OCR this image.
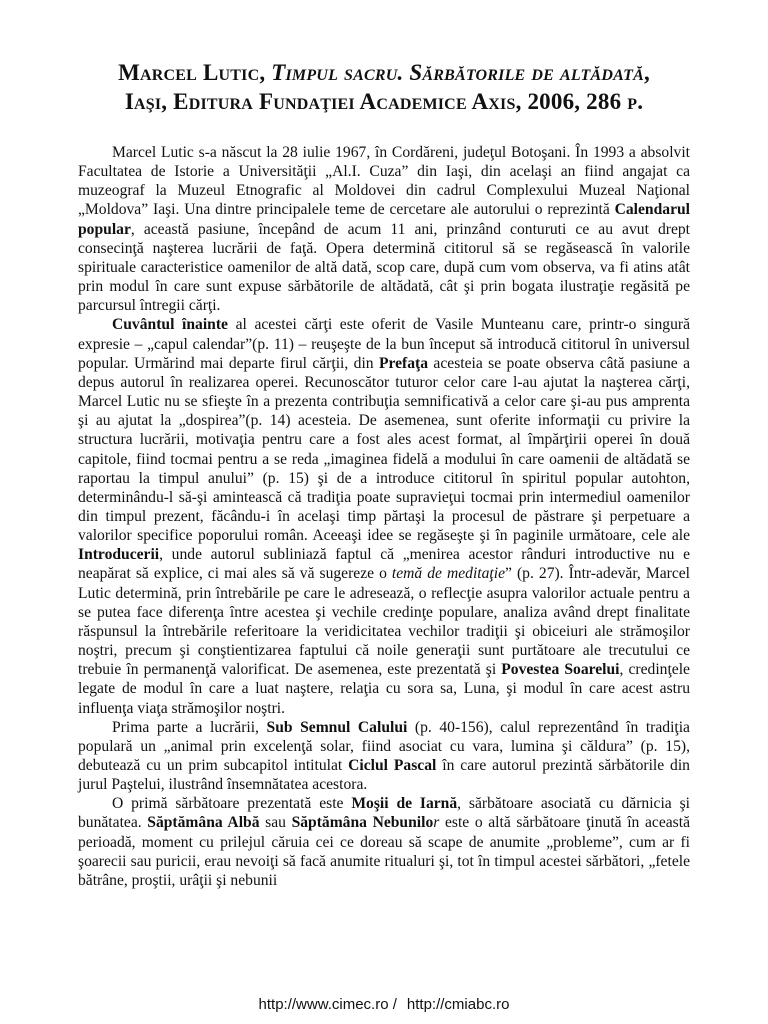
Marcel Lutic, Timpul sacru. Sărbătorile de altădată,
Iaşi, Editura Fundaţiei Academice Axis, 2006, 286 p.

Marcel Lutic s-a născut la 28 iulie 1967, în Cordăreni, judeţul Botoşani. În 1993 a absolvit Facultatea de Istorie a Universităţii „Al.I. Cuza” din Iaşi, din acelaşi an fiind angajat ca muzeograf la Muzeul Etnografic al Moldovei din cadrul Complexului Muzeal Naţional „Moldova” Iaşi. Una dintre principalele teme de cercetare ale autorului o reprezintă Calendarul popular, această pasiune, începând de acum 11 ani, prinzând conturuti ce au avut drept consecinţă naşterea lucrării de faţă. Opera determină cititorul să se regăsească în valorile spirituale caracteristice oamenilor de altă dată, scop care, după cum vom observa, va fi atins atât prin modul în care sunt expuse sărbătorile de altădată, cât şi prin bogata ilustraţie regăsită pe parcursul întregii cărţi.

Cuvântul înainte al acestei cărţi este oferit de Vasile Munteanu care, printr-o singură expresie – „capul calendar”(p. 11) – reuşeşte de la bun început să introducă cititorul în universul popular. Urmărind mai departe firul cărţii, din Prefaţa acesteia se poate observa câtă pasiune a depus autorul în realizarea operei. Recunoscător tuturor celor care l-au ajutat la naşterea cărţi, Marcel Lutic nu se sfieşte în a prezenta contribuţia semnificativă a celor care şi-au pus amprenta şi au ajutat la „dospirea”(p. 14) acesteia. De asemenea, sunt oferite informaţii cu privire la structura lucrării, motivaţia pentru care a fost ales acest format, al împărţirii operei în două capitole, fiind tocmai pentru a se reda „imaginea fidelă a modului în care oamenii de altădată se raportau la timpul anului” (p. 15) şi de a introduce cititorul în spiritul popular autohton, determinându-l să-şi amintească că tradiţia poate supravieţui tocmai prin intermediul oamenilor din timpul prezent, făcându-i în acelaşi timp părtaşi la procesul de păstrare şi perpetuare a valorilor specifice poporului român. Aceeaşi idee se regăseşte şi în paginile următoare, cele ale Introducerii, unde autorul subliniază faptul că „menirea acestor rânduri introductive nu e neapărat să explice, ci mai ales să vă sugereze o temă de meditaţie” (p. 27). Într-adevăr, Marcel Lutic determină, prin întrebările pe care le adresează, o reflecţie asupra valorilor actuale pentru a se putea face diferenţa între acestea şi vechile credinţe populare, analiza având drept finalitate răspunsul la întrebările referitoare la veridicitatea vechilor tradiţii şi obiceiuri ale strămoşilor noştri, precum şi conştientizarea faptului că noile generaţii sunt purtătoare ale trecutului ce trebuie în permanenţă valorificat. De asemenea, este prezentată şi Povestea Soarelui, credinţele legate de modul în care a luat naştere, relaţia cu sora sa, Luna, şi modul în care acest astru influenţa viaţa strămoşilor noştri.

Prima parte a lucrării, Sub Semnul Calului (p. 40-156), calul reprezentând în tradiţia populară un „animal prin excelenţă solar, fiind asociat cu vara, lumina şi căldura” (p. 15), debutează cu un prim subcapitol intitulat Ciclul Pascal în care autorul prezintă sărbătorile din jurul Paştelui, ilustrând însemnătatea acestora.

O primă sărbătoare prezentată este Moşii de Iarnă, sărbătoare asociată cu dărnicia şi bunătatea. Săptămâna Albă sau Săptămâna Nebunilor este o altă sărbătoare ţinută în această perioadă, moment cu prilejul căruia cei ce doreau să scape de anumite „probleme”, cum ar fi şoarecii sau puricii, erau nevoiţi să facă anumite ritualuri şi, tot în timpul acestei sărbători, „fetele bătrâne, proştii, urâţii şi nebunii

http://www.cimec.ro / http://cmiabc.ro
